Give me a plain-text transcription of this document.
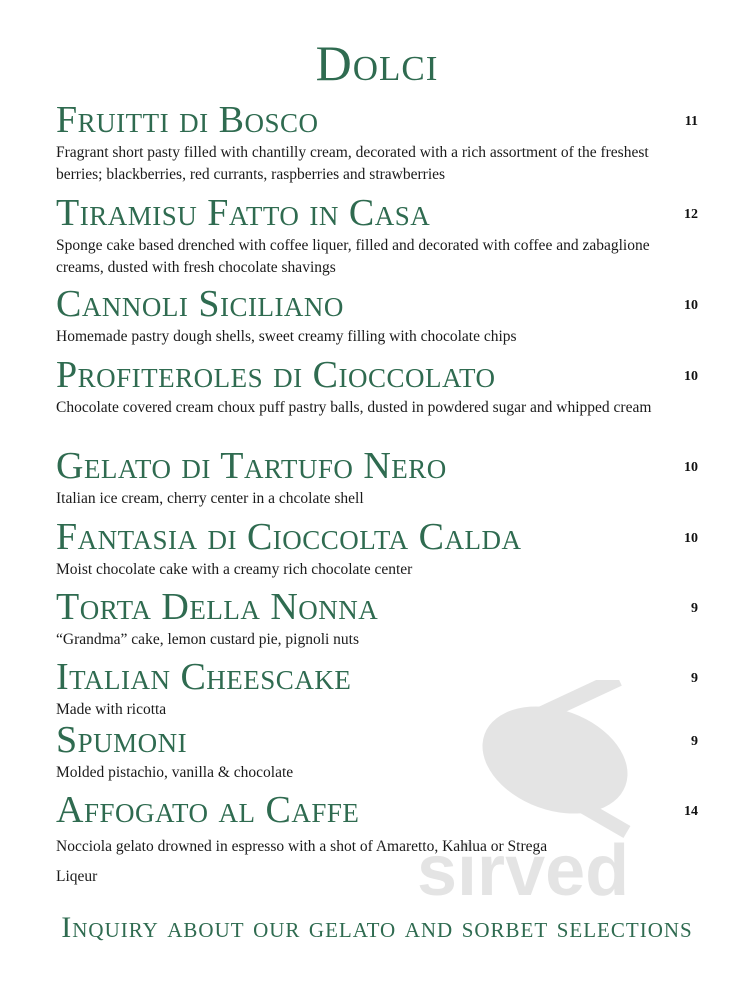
sirved
Dolci
Fruitti di Bosco	11
Fragrant short pasty filled with chantilly cream, decorated with a rich assortment of the freshest berries; blackberries, red currants, raspberries and strawberries
Tiramisu Fatto in Casa	12
Sponge cake based drenched with coffee liquer, filled and decorated with coffee and zabaglione creams, dusted with fresh chocolate shavings
Cannoli Siciliano	10
Homemade pastry dough shells, sweet creamy filling with chocolate chips
Profiteroles di Cioccolato	10
Chocolate covered cream choux puff pastry balls, dusted in powdered sugar and whipped cream
Gelato di Tartufo Nero	10
Italian ice cream, cherry center in a chcolate shell
Fantasia di Cioccolta Calda	10
Moist chocolate cake with a creamy rich chocolate center
Torta Della Nonna	9
“Grandma” cake, lemon custard pie, pignoli nuts
Italian Cheescake	9
Made with ricotta
Spumoni	9
Molded pistachio, vanilla & chocolate
Affogato al Caffe	14
Nocciola gelato drowned in espresso with a shot of Amaretto, Kahlua or Strega Liqeur
Inquiry about our gelato and sorbet selections
